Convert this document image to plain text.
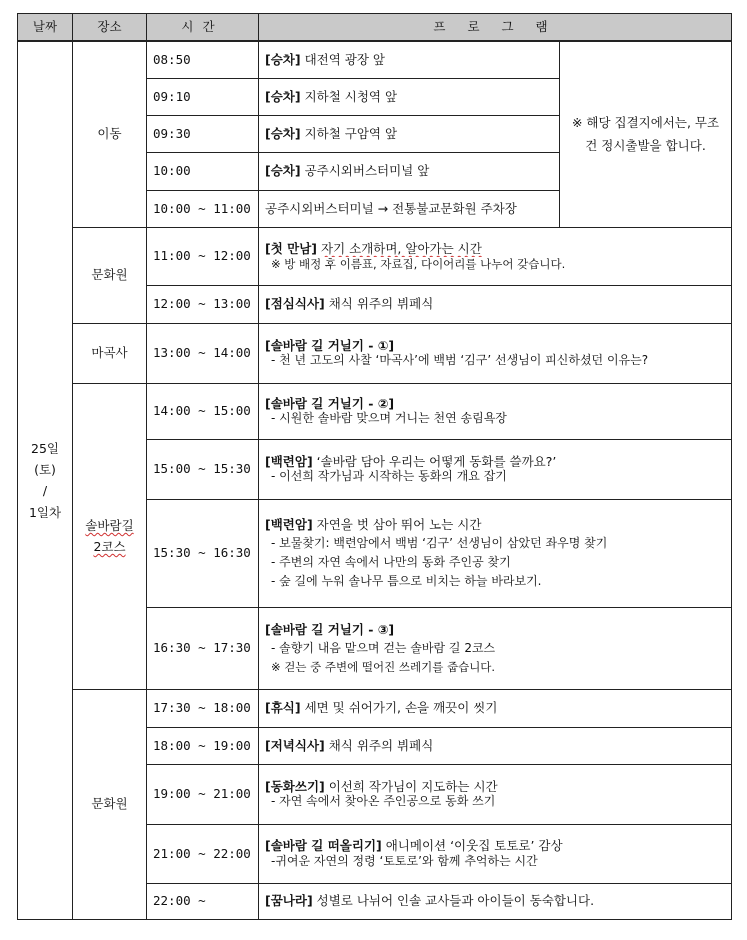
날짜	장소	시간	프 로 그 램	

25일
(토)
/
1일차	이동	08:50	[승차] 대전역 광장 앞	※ 해당 집결지에서는, 무조건 정시출발을 합니다.

		09:10	[승차] 지하철 시청역 앞	

		09:30	[승차] 지하철 구암역 앞	

		10:00	[승차] 공주시외버스터미널 앞	

		10:00 ~ 11:00	공주시외버스터미널 → 전통불교문화원 주차장	

	문화원	11:00 ~ 12:00	[첫 만남] 자기 소개하며, 알아가는 시간
※ 방 배정 후 이름표, 자료집, 다이어리를 나누어 갖습니다.	

		12:00 ~ 13:00	[점심식사] 채식 위주의 뷔페식	

	마곡사	13:00 ~ 14:00	[솔바람 길 거닐기 - ①]
- 천 년 고도의 사찰 ‘마곡사’에 백범 ‘김구’ 선생님이 피신하셨던 이유는?	

	솔바람길 2코스	14:00 ~ 15:00	[솔바람 길 거닐기 - ②]
- 시원한 솔바람 맞으며 거니는 천연 송림욕장	

		15:00 ~ 15:30	[백련암] ‘솔바람 담아 우리는 어떻게 동화를 쓸까요?’
- 이선희 작가님과 시작하는 동화의 개요 잡기	

		15:30 ~ 16:30	[백련암] 자연을 벗 삼아 뛰어 노는 시간
- 보물찾기: 백련암에서 백범 ‘김구’ 선생님이 삼았던 좌우명 찾기
- 주변의 자연 속에서 나만의 동화 주인공 찾기
- 숲 길에 누워 솔나무 틈으로 비치는 하늘 바라보기.	

		16:30 ~ 17:30	[솔바람 길 거닐기 - ③]
- 솔향기 내음 맡으며 걷는 솔바람 길 2코스
※ 걷는 중 주변에 떨어진 쓰레기를 줍습니다.	

	문화원	17:30 ~ 18:00	[휴식] 세면 및 쉬어가기, 손을 깨끗이 씻기	

		18:00 ~ 19:00	[저녁식사] 채식 위주의 뷔페식	

		19:00 ~ 21:00	[동화쓰기] 이선희 작가님이 지도하는 시간
- 자연 속에서 찾아온 주인공으로 동화 쓰기	

		21:00 ~ 22:00	[솔바람 길 떠올리기] 애니메이션 ‘이웃집 토토로’ 감상
-귀여운 자연의 정령 ‘토토로’와 함께 추억하는 시간	

		22:00 ~	[꿈나라] 성별로 나뉘어 인솔 교사들과 아이들이 동숙합니다.	
